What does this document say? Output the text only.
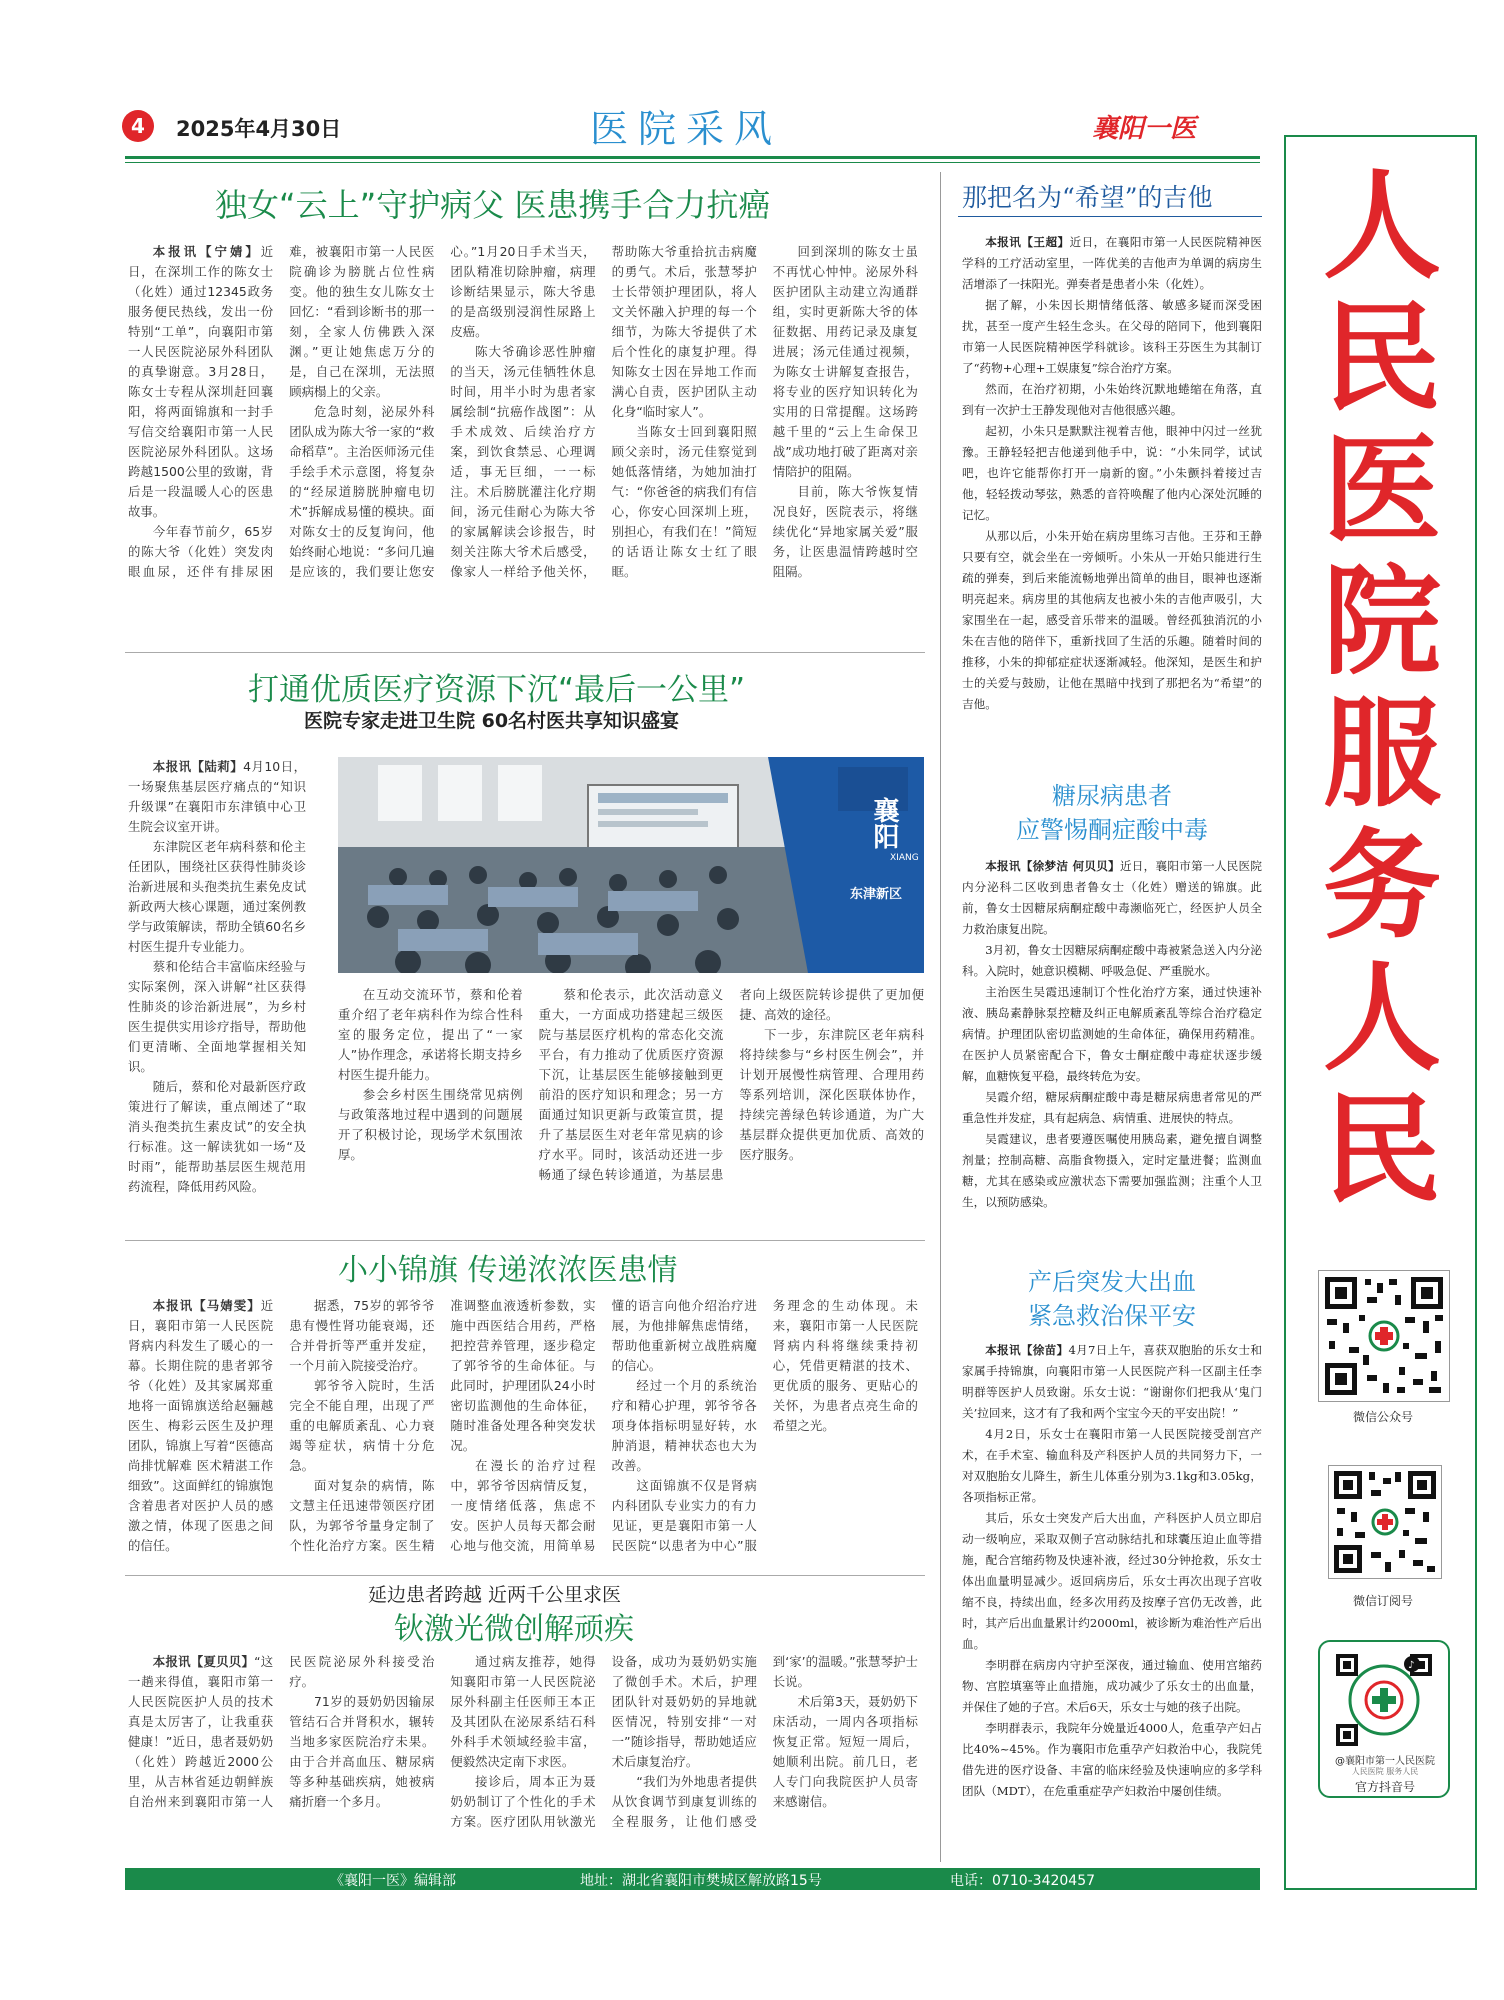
4	2025年4月30日	医院采风	襄阳一医
人民医院 服务人民
微信公众号
微信订阅号
♪
@襄阳市第一人民医院
人民医院 服务人民
官方抖音号
独女“云上”守护病父 医患携手合力抗癌

本报讯【宁婧】近日，在深圳工作的陈女士（化姓）通过12345政务服务便民热线，发出一份特别“工单”，向襄阳市第一人民医院泌尿外科团队的真挚谢意。3月28日，陈女士专程从深圳赶回襄阳，将两面锦旗和一封手写信交给襄阳市第一人民医院泌尿外科团队。这场跨越1500公里的致谢，背后是一段温暖人心的医患故事。

今年春节前夕，65岁的陈大爷（化姓）突发肉眼血尿，还伴有排尿困难，被襄阳市第一人民医院确诊为膀胱占位性病变。他的独生女儿陈女士回忆：“看到诊断书的那一刻，全家人仿佛跌入深渊。”更让她焦虑万分的是，自己在深圳，无法照顾病榻上的父亲。

危急时刻，泌尿外科团队成为陈大爷一家的“救命稻草”。主治医师汤元佳手绘手术示意图，将复杂的“经尿道膀胱肿瘤电切术”拆解成易懂的模块。面对陈女士的反复询问，他始终耐心地说：“多问几遍是应该的，我们要让您安心。”1月20日手术当天，团队精准切除肿瘤，病理诊断结果显示，陈大爷患的是高级别浸润性尿路上皮癌。

陈大爷确诊恶性肿瘤的当天，汤元佳牺牲休息时间，用半小时为患者家属绘制“抗癌作战图”：从手术成效、后续治疗方案，到饮食禁忌、心理调适，事无巨细，一一标注。术后膀胱灌注化疗期间，汤元佳耐心为陈大爷的家属解读会诊报告，时刻关注陈大爷术后感受，像家人一样给予他关怀，帮助陈大爷重拾抗击病魔的勇气。术后，张慧琴护士长带领护理团队，将人文关怀融入护理的每一个细节，为陈大爷提供了术后个性化的康复护理。得知陈女士因在异地工作而满心自责，医护团队主动化身“临时家人”。

当陈女士回到襄阳照顾父亲时，汤元佳察觉到她低落情绪，为她加油打气：“你爸爸的病我们有信心，你安心回深圳上班，别担心，有我们在！”简短的话语让陈女士红了眼眶。

回到深圳的陈女士虽不再忧心忡忡。泌尿外科医护团队主动建立沟通群组，实时更新陈大爷的体征数据、用药记录及康复进展；汤元佳通过视频，为陈女士讲解复查报告，将专业的医疗知识转化为实用的日常提醒。这场跨越千里的“云上生命保卫战”成功地打破了距离对亲情陪护的阻隔。

目前，陈大爷恢复情况良好，医院表示，将继续优化“异地家属关爱”服务，让医患温情跨越时空阻隔。

打通优质医疗资源下沉“最后一公里”
医院专家走进卫生院 60名村医共享知识盛宴
襄阳
XIANG
东津新区

本报讯【陆莉】4月10日，一场聚焦基层医疗痛点的“知识升级课”在襄阳市东津镇中心卫生院会议室开讲。

东津院区老年病科蔡和伦主任团队，围绕社区获得性肺炎诊治新进展和头孢类抗生素免皮试新政两大核心课题，通过案例教学与政策解读，帮助全镇60名乡村医生提升专业能力。

蔡和伦结合丰富临床经验与实际案例，深入讲解“社区获得性肺炎的诊治新进展”，为乡村医生提供实用诊疗指导，帮助他们更清晰、全面地掌握相关知识。

随后，蔡和伦对最新医疗政策进行了解读，重点阐述了“取消头孢类抗生素皮试”的安全执行标准。这一解读犹如一场“及时雨”，能帮助基层医生规范用药流程，降低用药风险。

在互动交流环节，蔡和伦着重介绍了老年病科作为综合性科室的服务定位，提出了“一家人”协作理念，承诺将长期支持乡村医生提升能力。

参会乡村医生围绕常见病例与政策落地过程中遇到的问题展开了积极讨论，现场学术氛围浓厚。

蔡和伦表示，此次活动意义重大，一方面成功搭建起三级医院与基层医疗机构的常态化交流平台，有力推动了优质医疗资源下沉，让基层医生能够接触到更前沿的医疗知识和理念；另一方面通过知识更新与政策宣贯，提升了基层医生对老年常见病的诊疗水平。同时，该活动还进一步畅通了绿色转诊通道，为基层患者向上级医院转诊提供了更加便捷、高效的途径。

下一步，东津院区老年病科将持续参与“乡村医生例会”，并计划开展慢性病管理、合理用药等系列培训，深化医联体协作，持续完善绿色转诊通道，为广大基层群众提供更加优质、高效的医疗服务。

小小锦旗 传递浓浓医患情

本报讯【马婧雯】近日，襄阳市第一人民医院肾病内科发生了暖心的一幕。长期住院的患者郭爷爷（化姓）及其家属郑重地将一面锦旗送给赵骊越医生、梅彩云医生及护理团队，锦旗上写着“医德高尚排忧解难 医术精湛工作细致”。这面鲜红的锦旗饱含着患者对医护人员的感激之情，体现了医患之间的信任。

据悉，75岁的郭爷爷患有慢性肾功能衰竭，还合并骨折等严重并发症，一个月前入院接受治疗。

郭爷爷入院时，生活完全不能自理，出现了严重的电解质紊乱、心力衰竭等症状，病情十分危急。

面对复杂的病情，陈文慧主任迅速带领医疗团队，为郭爷爷量身定制了个性化治疗方案。医生精准调整血液透析参数，实施中西医结合用药，严格把控营养管理，逐步稳定了郭爷爷的生命体征。与此同时，护理团队24小时密切监测他的生命体征，随时准备处理各种突发状况。

在漫长的治疗过程中，郭爷爷因病情反复，一度情绪低落，焦虑不安。医护人员每天都会耐心地与他交流，用简单易懂的语言向他介绍治疗进展，为他排解焦虑情绪，帮助他重新树立战胜病魔的信心。

经过一个月的系统治疗和精心护理，郭爷爷各项身体指标明显好转，水肿消退，精神状态也大为改善。

这面锦旗不仅是肾病内科团队专业实力的有力见证，更是襄阳市第一人民医院“以患者为中心”服务理念的生动体现。未来，襄阳市第一人民医院肾病内科将继续秉持初心，凭借更精湛的技术、更优质的服务、更贴心的关怀，为患者点亮生命的希望之光。

延边患者跨越 近两千公里求医
钬激光微创解顽疾

本报讯【夏贝贝】“这一趟来得值，襄阳市第一人民医院医护人员的技术真是太厉害了，让我重获健康！”近日，患者聂奶奶（化姓）跨越近2000公里，从吉林省延边朝鲜族自治州来到襄阳市第一人民医院泌尿外科接受治疗。

71岁的聂奶奶因输尿管结石合并肾积水，辗转当地多家医院治疗未果。由于合并高血压、糖尿病等多种基础疾病，她被病痛折磨一个多月。

通过病友推荐，她得知襄阳市第一人民医院泌尿外科副主任医师王本正及其团队在泌尿系结石科外科手术领域经验丰富，便毅然决定南下求医。

接诊后，周本正为聂奶奶制订了个性化的手术方案。医疗团队用钬激光设备，成功为聂奶奶实施了微创手术。术后，护理团队针对聂奶奶的异地就医情况，特别安排“一对一”随诊指导，帮助她适应术后康复治疗。

“我们为外地患者提供从饮食调节到康复训练的全程服务，让他们感受到‘家’的温暖。”张慧琴护士长说。

术后第3天，聂奶奶下床活动，一周内各项指标恢复正常。短短一周后，她顺利出院。前几日，老人专门向我院医护人员寄来感谢信。

那把名为“希望”的吉他

本报讯【王超】近日，在襄阳市第一人民医院精神医学科的工疗活动室里，一阵优美的吉他声为单调的病房生活增添了一抹阳光。弹奏者是患者小朱（化姓）。

据了解，小朱因长期情绪低落、敏感多疑而深受困扰，甚至一度产生轻生念头。在父母的陪同下，他到襄阳市第一人民医院精神医学科就诊。该科王芬医生为其制订了“药物+心理+工娱康复”综合治疗方案。

然而，在治疗初期，小朱始终沉默地蜷缩在角落，直到有一次护士王静发现他对吉他很感兴趣。

起初，小朱只是默默注视着吉他，眼神中闪过一丝犹豫。王静轻轻把吉他递到他手中，说：“小朱同学，试试吧，也许它能帮你打开一扇新的窗。”小朱颤抖着接过吉他，轻轻拨动琴弦，熟悉的音符唤醒了他内心深处沉睡的记忆。

从那以后，小朱开始在病房里练习吉他。王芬和王静只要有空，就会坐在一旁倾听。小朱从一开始只能进行生疏的弹奏，到后来能流畅地弹出简单的曲目，眼神也逐渐明亮起来。病房里的其他病友也被小朱的吉他声吸引，大家围坐在一起，感受音乐带来的温暖。曾经孤独消沉的小朱在吉他的陪伴下，重新找回了生活的乐趣。随着时间的推移，小朱的抑郁症症状逐渐减轻。他深知，是医生和护士的关爱与鼓励，让他在黑暗中找到了那把名为“希望”的吉他。

糖尿病患者
应警惕酮症酸中毒

本报讯【徐梦洁 何贝贝】近日，襄阳市第一人民医院内分泌科二区收到患者鲁女士（化姓）赠送的锦旗。此前，鲁女士因糖尿病酮症酸中毒濒临死亡，经医护人员全力救治康复出院。

3月初，鲁女士因糖尿病酮症酸中毒被紧急送入内分泌科。入院时，她意识模糊、呼吸急促、严重脱水。

主治医生吴霞迅速制订个性化治疗方案，通过快速补液、胰岛素静脉泵控糖及纠正电解质紊乱等综合治疗稳定病情。护理团队密切监测她的生命体征，确保用药精准。在医护人员紧密配合下，鲁女士酮症酸中毒症状逐步缓解，血糖恢复平稳，最终转危为安。

吴霞介绍，糖尿病酮症酸中毒是糖尿病患者常见的严重急性并发症，具有起病急、病情重、进展快的特点。

吴霞建议，患者要遵医嘱使用胰岛素，避免擅自调整剂量；控制高糖、高脂食物摄入，定时定量进餐；监测血糖，尤其在感染或应激状态下需要加强监测；注重个人卫生，以预防感染。

产后突发大出血
紧急救治保平安

本报讯【徐苗】4月7日上午，喜获双胞胎的乐女士和家属手持锦旗，向襄阳市第一人民医院产科一区副主任李明群等医护人员致谢。乐女士说：“谢谢你们把我从‘鬼门关’拉回来，这才有了我和两个宝宝今天的平安出院！”

4月2日，乐女士在襄阳市第一人民医院接受剖宫产术，在手术室、输血科及产科医护人员的共同努力下，一对双胞胎女儿降生，新生儿体重分别为3.1kg和3.05kg，各项指标正常。

其后，乐女士突发产后大出血，产科医护人员立即启动一级响应，采取双侧子宫动脉结扎和球囊压迫止血等措施，配合宫缩药物及快速补液，经过30分钟抢救，乐女士体出血量明显减少。返回病房后，乐女士再次出现子宫收缩不良，持续出血，经多次用药及按摩子宫仍无改善，此时，其产后出血量累计约2000ml，被诊断为难治性产后出血。

李明群在病房内守护至深夜，通过输血、使用宫缩药物、宫腔填塞等止血措施，成功减少了乐女士的出血量，并保住了她的子宫。术后6天，乐女士与她的孩子出院。

李明群表示，我院年分娩量近4000人，危重孕产妇占比40%~45%。作为襄阳市危重孕产妇救治中心，我院凭借先进的医疗设备、丰富的临床经验及快速响应的多学科团队（MDT），在危重重症孕产妇救治中屡创佳绩。

《襄阳一医》编辑部	地址：湖北省襄阳市樊城区解放路15号	电话：0710-3420457
